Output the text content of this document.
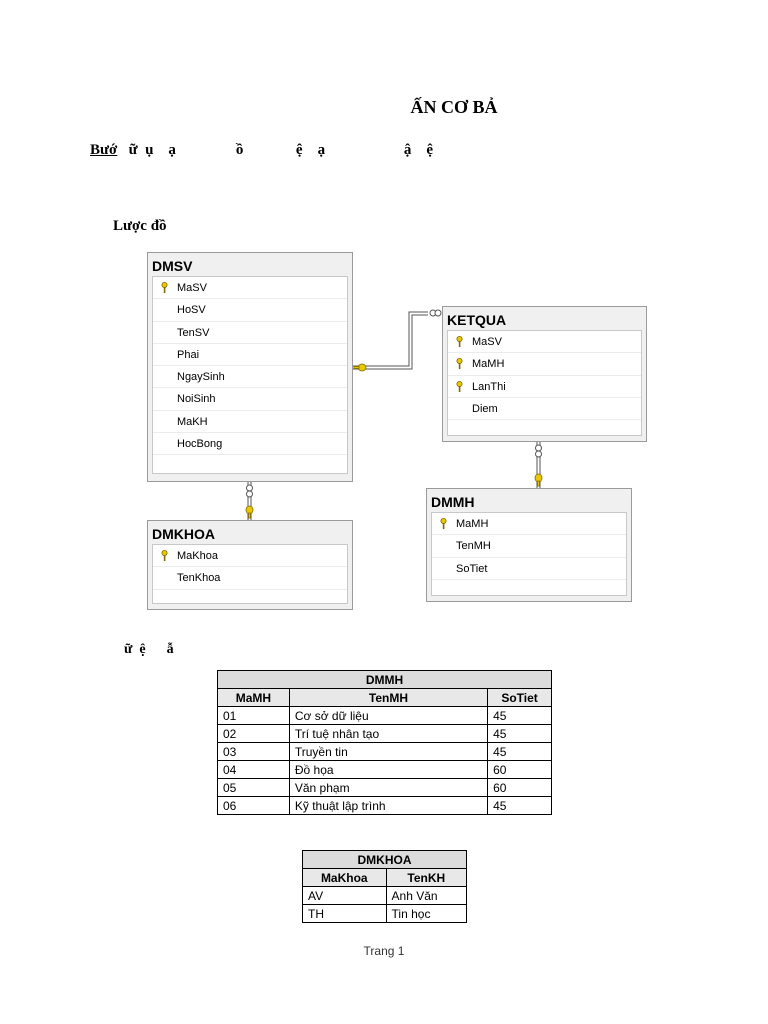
ẤN CƠ BẢ
Bướ   ữ  ụ    ạ                ồ              ệ    ạ                     ậ    ệ
Lược đồ
DMSV
MaSV
HoSV
TenSV
Phai
NgaySinh
NoiSinh
MaKH
HocBong
KETQUA
MaSV
MaMH
LanThi
Diem
DMKHOA
MaKhoa
TenKhoa
DMMH
MaMH
TenMH
SoTiet
ữ  ệ      ẫ
DMMH		
MaMH	TenMH	SoTiet
01	Cơ sở dữ liệu	45
02	Trí tuệ nhân tạo	45
03	Truyền tin	45
04	Đồ họa	60
05	Văn phạm	60
06	Kỹ thuật lập trình	45
DMKHOA	
MaKhoa	TenKH
AV	Anh Văn
TH	Tin học
Trang 1
